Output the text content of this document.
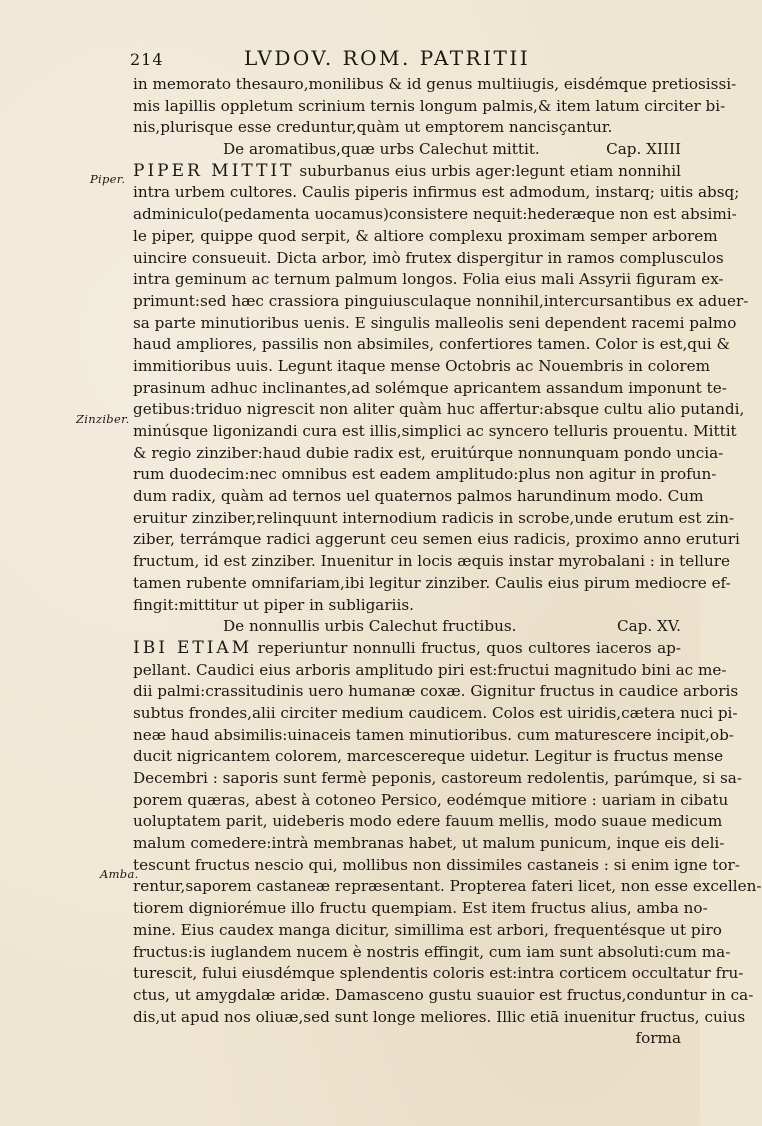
214	LVDOV. ROM. PATRITII
Piper.
Zinziber.
Amba.
in memorato thesauro,monilibus & id genus multiiugis, eisdémque pretiosissi-
mis lapillis oppletum scrinium ternis longum palmis,& item latum circiter bi-
nis,plurisque esse creduntur,quàm ut emptorem nancisçantur.
De aromatibus,quæ urbs Calechut mittit.	Cap. XIIII
PIPER MITTIT suburbanus eius urbis ager:legunt etiam nonnihil
intra urbem cultores. Caulis piperis infirmus est admodum, instarq; uitis absq;
adminiculo(pedamenta uocamus)consistere nequit:hederæque non est absimi-
le piper, quippe quod serpit, & altiore complexu proximam semper arborem
uincire consueuit. Dicta arbor, imò frutex dispergitur in ramos complusculos
intra geminum ac ternum palmum longos. Folia eius mali Assyrii figuram ex-
primunt:sed hæc crassiora pinguiusculaque nonnihil,intercursantibus ex aduer-
sa parte minutioribus uenis. E singulis malleolis seni dependent racemi palmo
haud ampliores, passilis non absimiles, confertiores tamen. Color is est,qui &
immitioribus uuis. Legunt itaque mense Octobris ac Nouembris in colorem
prasinum adhuc inclinantes,ad solémque apricantem assandum imponunt te-
getibus:triduo nigrescit non aliter quàm huc affertur:absque cultu alio putandi,
minúsque ligonizandi cura est illis,simplici ac syncero telluris prouentu. Mittit
& regio zinziber:haud dubie radix est, eruitúrque nonnunquam pondo uncia-
rum duodecim:nec omnibus est eadem amplitudo:plus non agitur in profun-
dum radix, quàm ad ternos uel quaternos palmos harundinum modo. Cum
eruitur zinziber,relinquunt internodium radicis in scrobe,unde erutum est zin-
ziber, terrámque radici aggerunt ceu semen eius radicis, proximo anno eruturi
fructum, id est zinziber. Inuenitur in locis æquis instar myrobalani : in tellure
tamen rubente omnifariam,ibi legitur zinziber. Caulis eius pirum mediocre ef-
fingit:mittitur ut piper in subligariis.
De nonnullis urbis Calechut fructibus.	Cap. XV.
IBI ETIAM reperiuntur nonnulli fructus, quos cultores iaceros ap-
pellant. Caudici eius arboris amplitudo piri est:fructui magnitudo bini ac me-
dii palmi:crassitudinis uero humanæ coxæ. Gignitur fructus in caudice arboris
subtus frondes,alii circiter medium caudicem. Colos est uiridis,cætera nuci pi-
neæ haud absimilis:uinaceis tamen minutioribus. cum maturescere incipit,ob-
ducit nigricantem colorem, marcescereque uidetur. Legitur is fructus mense
Decembri : saporis sunt fermè peponis, castoreum redolentis, parúmque, si sa-
porem quæras, abest à cotoneo Persico, eodémque mitiore : uariam in cibatu
uoluptatem parit, uideberis modo edere fauum mellis, modo suaue medicum
malum comedere:intrà membranas habet, ut malum punicum, inque eis deli-
tescunt fructus nescio qui, mollibus non dissimiles castaneis : si enim igne tor-
rentur,saporem castaneæ repræsentant. Propterea fateri licet, non esse excellen-
tiorem digniorémue illo fructu quempiam. Est item fructus alius, amba no-
mine. Eius caudex manga dicitur, simillima est arbori, frequentésque ut piro
fructus:is iuglandem nucem è nostris effingit, cum iam sunt absoluti:cum ma-
turescit, fului eiusdémque splendentis coloris est:intra corticem occultatur fru-
ctus, ut amygdalæ aridæ. Damasceno gustu suauior est fructus,conduntur in ca-
dis,ut apud nos oliuæ,sed sunt longe meliores. Illic etiā inuenitur fructus, cuius
forma
